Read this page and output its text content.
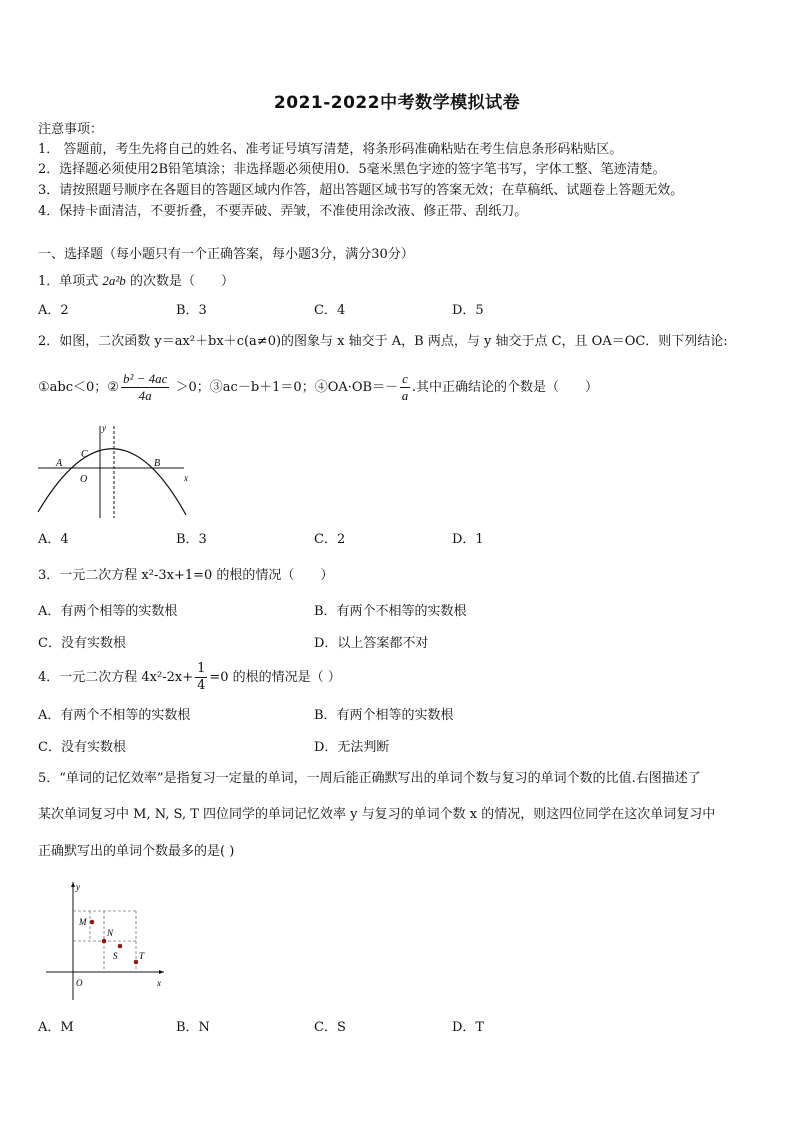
2021-2022中考数学模拟试卷
注意事项：
1． 答题前，考生先将自己的姓名、准考证号填写清楚，将条形码准确粘贴在考生信息条形码粘贴区。
2．选择题必须使用2B铅笔填涂；非选择题必须使用0．5毫米黑色字迹的签字笔书写，字体工整、笔迹清楚。
3．请按照题号顺序在各题目的答题区域内作答，超出答题区域书写的答案无效；在草稿纸、试题卷上答题无效。
4．保持卡面清洁，不要折叠，不要弄破、弄皱，不准使用涂改液、修正带、刮纸刀。
一、选择题（每小题只有一个正确答案，每小题3分，满分30分）
1．单项式 2a²b 的次数是（　　）
A．2	B．3	C．4	D．5
2．如图，二次函数 y＝ax²＋bx＋c(a≠0)的图象与 x 轴交于 A，B 两点，与 y 轴交于点 C，且 OA＝OC．则下列结论:
①abc＜0；② $\frac{\text{b² − 4ac}}{4a} >0$；③ac－b＋1＝0；④OA·OB＝－ $\frac{c}{a}$ .其中正确结论的个数是（　　）
y
x
C
A	B
O
A．4	B．3	C．2	D．1
3．一元二次方程 x²-3x+1=0 的根的情况（　　）
A．有两个相等的实数根	B．有两个不相等的实数根
C．没有实数根	D．以上答案都不对
4．一元二次方程 $4x^2-2x+ \frac{1}{4} =0$ 的根的情况是（ ）
A．有两个不相等的实数根	B．有两个相等的实数根
C．没有实数根	D．无法判断
5．“单词的记忆效率”是指复习一定量的单词，一周后能正确默写出的单词个数与复习的单词个数的比值.右图描述了
某次单词复习中 M, N, S, T 四位同学的单词记忆效率 y 与复习的单词个数 x 的情况，则这四位同学在这次单词复习中
正确默写出的单词个数最多的是( )
y
x
O
M
N
S T
A．M	B．N	C．S	D．T
